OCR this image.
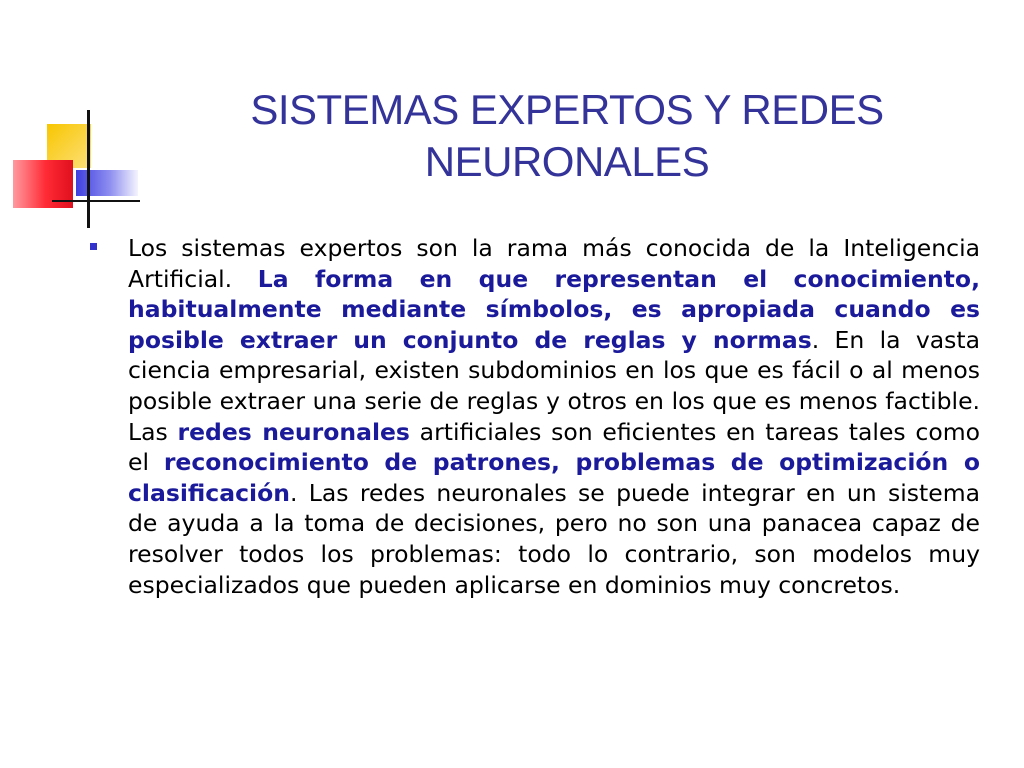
SISTEMAS EXPERTOS Y REDES
NEURONALES

Los sistemas expertos son la rama más conocida de la Inteligencia Artificial. La forma en que representan el conocimiento, habitualmente mediante símbolos, es apropiada cuando es posible extraer un conjunto de reglas y normas. En la vasta ciencia empresarial, existen subdominios en los que es fácil o al menos posible extraer una serie de reglas y otros en los que es menos factible. Las redes neuronales artificiales son eficientes en tareas tales como el reconocimiento de patrones, problemas de optimización o clasificación. Las redes neuronales se puede integrar en un sistema de ayuda a la toma de decisiones, pero no son una panacea capaz de resolver todos los problemas: todo lo contrario, son modelos muy especializados que pueden aplicarse en dominios muy concretos.
